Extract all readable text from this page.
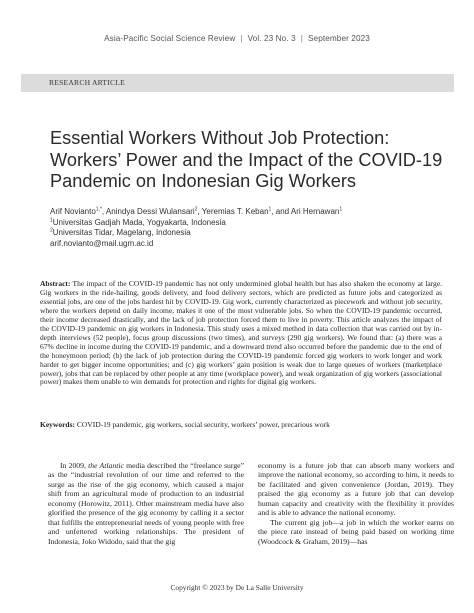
Asia-Pacific Social Science Review | Vol. 23 No. 3 | September 2023
RESEARCH ARTICLE
Essential Workers Without Job Protection: Workers’ Power and the Impact of the COVID-19 Pandemic on Indonesian Gig Workers
Arif Novianto$^{1,*}$, Anindya Dessi Wulansari$^2$, Yeremias T. Keban$^1$, and Ari Hernawan$^1$
$^1$Universitas Gadjah Mada, Yogyakarta, Indonesia
$^2$Universitas Tidar, Magelang, Indonesia
arif.novianto@mail.ugm.ac.id
Abstract: The impact of the COVID-19 pandemic has not only undermined global health but has also shaken the economy at large. Gig workers in the ride-hailing, goods delivery, and food delivery sectors, which are predicted as future jobs and categorized as essential jobs, are one of the jobs hardest hit by COVID-19. Gig work, currently characterized as piecework and without job security, where the workers depend on daily income, makes it one of the most vulnerable jobs. So when the COVID-19 pandemic occurred, their income decreased drastically, and the lack of job protection forced them to live in poverty. This article analyzes the impact of the COVID-19 pandemic on gig workers in Indonesia. This study uses a mixed method in data collection that was carried out by in-depth interviews (52 people), focus group discussions (two times), and surveys (290 gig workers). We found that: (a) there was a 67% decline in income during the COVID-19 pandemic, and a downward trend also occurred before the pandemic due to the end of the honeymoon period; (b) the lack of job protection during the COVID-19 pandemic forced gig workers to work longer and work harder to get bigger income opportunities; and (c) gig workers’ gain position is weak due to large queues of workers (marketplace power), jobs that can be replaced by other people at any time (workplace power), and weak organization of gig workers (associational power) makes them unable to win demands for protection and rights for digital gig workers.
Keywords: COVID-19 pandemic, gig workers, social security, workers’ power, precarious work

In 2009, the Atlantic media described the “freelance surge” as the “industrial revolution of our time and referred to the surge as the rise of the gig economy, which caused a major shift from an agricultural mode of production to an industrial economy (Horowitz, 2011). Other mainstream media have also glorified the presence of the gig economy by calling it a sector that fulfills the entrepreneurial needs of young people with free and unfettered working relationships. The president of Indonesia, Joko Widodo, said that the gig

economy is a future job that can absorb many workers and improve the national economy, so according to him, it needs to be facilitated and given convenience (Jordan, 2019). They praised the gig economy as a future job that can develop human capacity and creativity with the flexibility it provides and is able to advance the national economy.

The current gig job—a job in which the worker earns on the piece rate instead of being paid based on working time (Woodcock & Graham, 2019)—has

Copyright © 2023 by De La Salle University
